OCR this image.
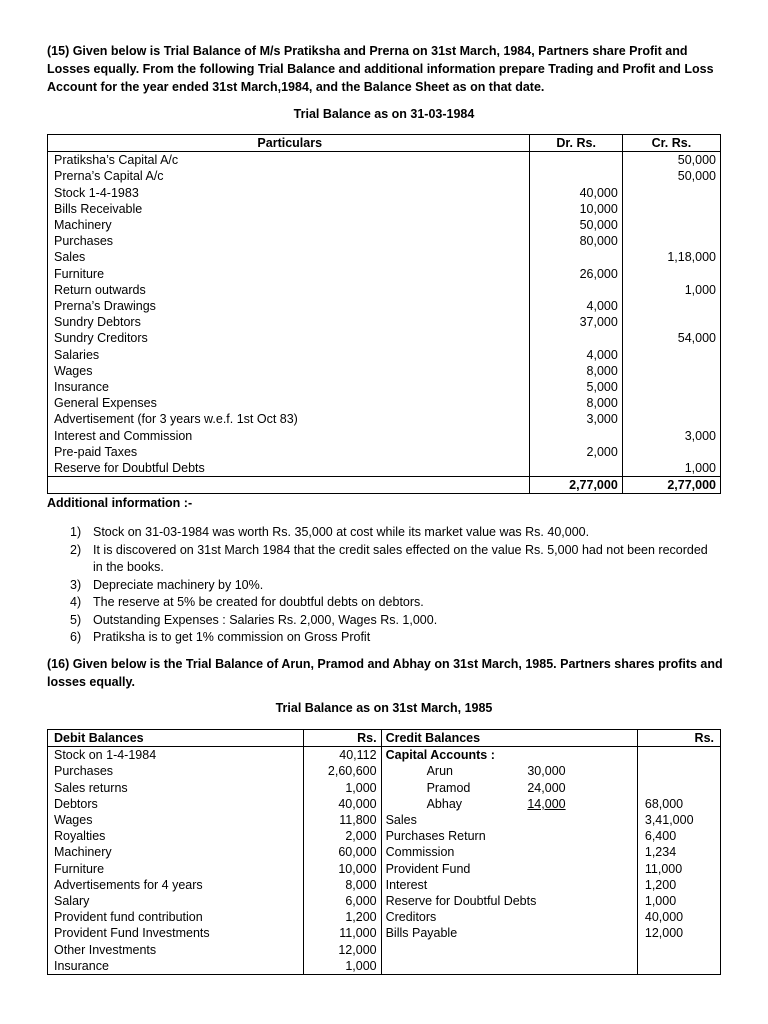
(15) Given below is Trial Balance of M/s Pratiksha and Prerna on 31st March, 1984, Partners share Profit and
Losses equally. From the following Trial Balance and additional information prepare Trading and Profit and Loss
Account for the year ended 31st March,1984, and the Balance Sheet as on that date.
Trial Balance as on 31-03-1984
Particulars	Dr. Rs.	Cr. Rs.
Pratiksha’s Capital A/c		50,000
Prerna’s Capital A/c		50,000
Stock 1-4-1983	40,000	
Bills Receivable	10,000	
Machinery	50,000	
Purchases	80,000	
Sales		1,18,000
Furniture	26,000	
Return outwards		1,000
Prerna’s Drawings	4,000	
Sundry Debtors	37,000	
Sundry Creditors		54,000
Salaries	4,000	
Wages	8,000	
Insurance	5,000	
General Expenses	8,000	
Advertisement (for 3 years w.e.f. 1st Oct 83)	3,000	
Interest and Commission		3,000
Pre-paid Taxes	2,000	
Reserve for Doubtful Debts		1,000
	2,77,000	2,77,000
Additional information :-
1) Stock on 31-03-1984 was worth Rs. 35,000 at cost while its market value was Rs. 40,000.
2) It is discovered on 31st March 1984 that the credit sales effected on the value Rs. 5,000 had not been recorded in the books.
3) Depreciate machinery by 10%.
4) The reserve at 5% be created for doubtful debts on debtors.
5) Outstanding Expenses : Salaries Rs. 2,000, Wages Rs. 1,000.
6) Pratiksha is to get 1% commission on Gross Profit
(16) Given below is the Trial Balance of Arun, Pramod and Abhay on 31st March, 1985. Partners shares profits and
losses equally.
Trial Balance as on 31st March, 1985
Debit Balances	Rs.	Credit Balances	Rs.
Stock on 1-4-1984	40,112	Capital Accounts :	
Purchases	2,60,600	Arun 30,000	
Sales returns	1,000	Pramod 24,000	
Debtors	40,000	Abhay 14,000	68,000
Wages	11,800	Sales	3,41,000
Royalties	2,000	Purchases Return	6,400
Machinery	60,000	Commission	1,234
Furniture	10,000	Provident Fund	11,000
Advertisements for 4 years	8,000	Interest	1,200
Salary	6,000	Reserve for Doubtful Debts	1,000
Provident fund contribution	1,200	Creditors	40,000
Provident Fund Investments	11,000	Bills Payable	12,000
Other Investments	12,000		
Insurance	1,000		
